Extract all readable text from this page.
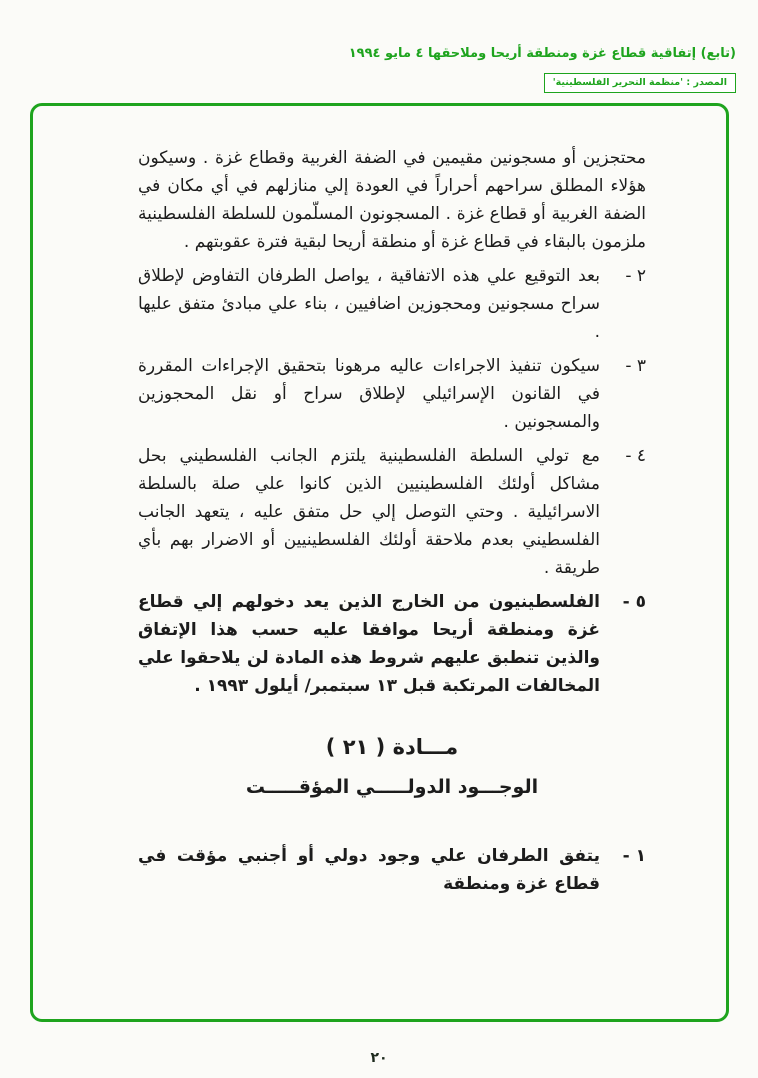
(تابع) إتفاقية قطاع غزة ومنطقة أريحا وملاحقها ٤ مايو ١٩٩٤
المصدر : 'منظمة التحرير الفلسطينية'

محتجزين أو مسجونين مقيمين في الضفة الغربية وقطاع غزة . وسيكون هؤلاء المطلق سراحهم أحراراً في العودة إلي منازلهم في أي مكان في الضفة الغربية أو قطاع غزة . المسجونون المسلّمون للسلطة الفلسطينية ملزمون بالبقاء في قطاع غزة أو منطقة أريحا لبقية فترة عقوبتهم .

٢ -
بعد التوقيع علي هذه الاتفاقية ، يواصل الطرفان التفاوض لإطلاق سراح مسجونين ومحجوزين اضافيين ، بناء علي مبادئ متفق عليها .
٣ -
سيكون تنفيذ الاجراءات عاليه مرهونا بتحقيق الإجراءات المقررة في القانون الإسرائيلي لإطلاق سراح أو نقل المحجوزين والمسجونين .
٤ -
مع تولي السلطة الفلسطينية يلتزم الجانب الفلسطيني بحل مشاكل أولئك الفلسطينيين الذين كانوا علي صلة بالسلطة الاسرائيلية . وحتي التوصل إلي حل متفق عليه ، يتعهد الجانب الفلسطيني بعدم ملاحقة أولئك الفلسطينيين أو الاضرار بهم بأي طريقة .
٥ -
الفلسطينيون من الخارج الذين يعد دخولهم إلي قطاع غزة ومنطقة أريحا موافقا عليه حسب هذا الإتفاق والذين تنطبق عليهم شروط هذه المادة لن يلاحقوا علي المخالفات المرتكبة قبل ١٣ سبتمبر/ أيلول ١٩٩٣ .
مـــادة ( ٢١ )
الوجـــود الدولـــــي المؤقـــــت
١ -
يتفق الطرفان علي وجود دولي أو أجنبي مؤقت في قطاع غزة ومنطقة
٢٠
